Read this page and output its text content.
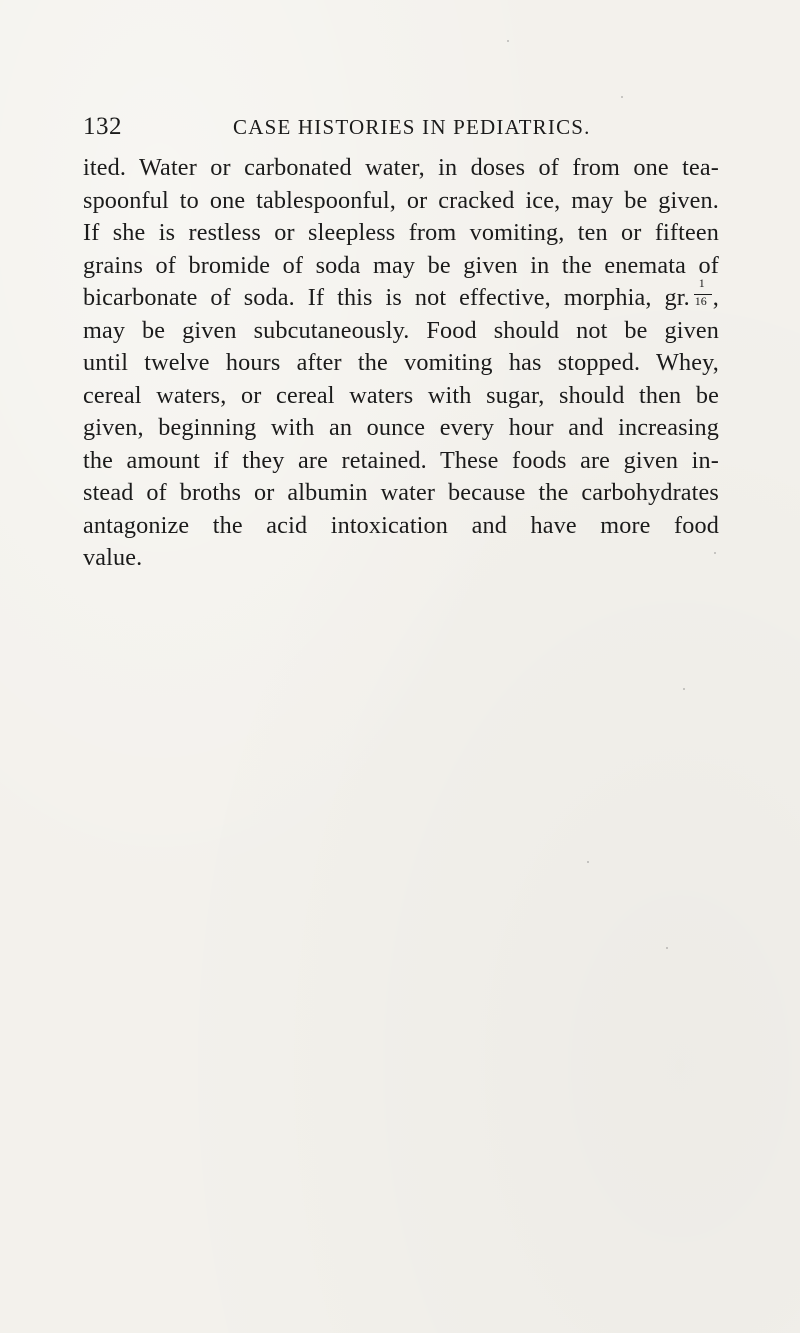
132	CASE HISTORIES IN PEDIATRICS.

ited. Water or carbonated water, in doses of from one tea-
spoonful to one tablespoonful, or cracked ice, may be given.
If she is restless or sleepless from vomiting, ten or fifteen
grains of bromide of soda may be given in the enemata of
bicarbonate of soda. If this is not effective, morphia, gr. $\frac{1}{16}$ ,
may be given subcutaneously. Food should not be given
until twelve hours after the vomiting has stopped. Whey,
cereal waters, or cereal waters with sugar, should then be
given, beginning with an ounce every hour and increasing
the amount if they are retained. These foods are given in-
stead of broths or albumin water because the carbohydrates
antagonize the acid intoxication and have more food
value.
